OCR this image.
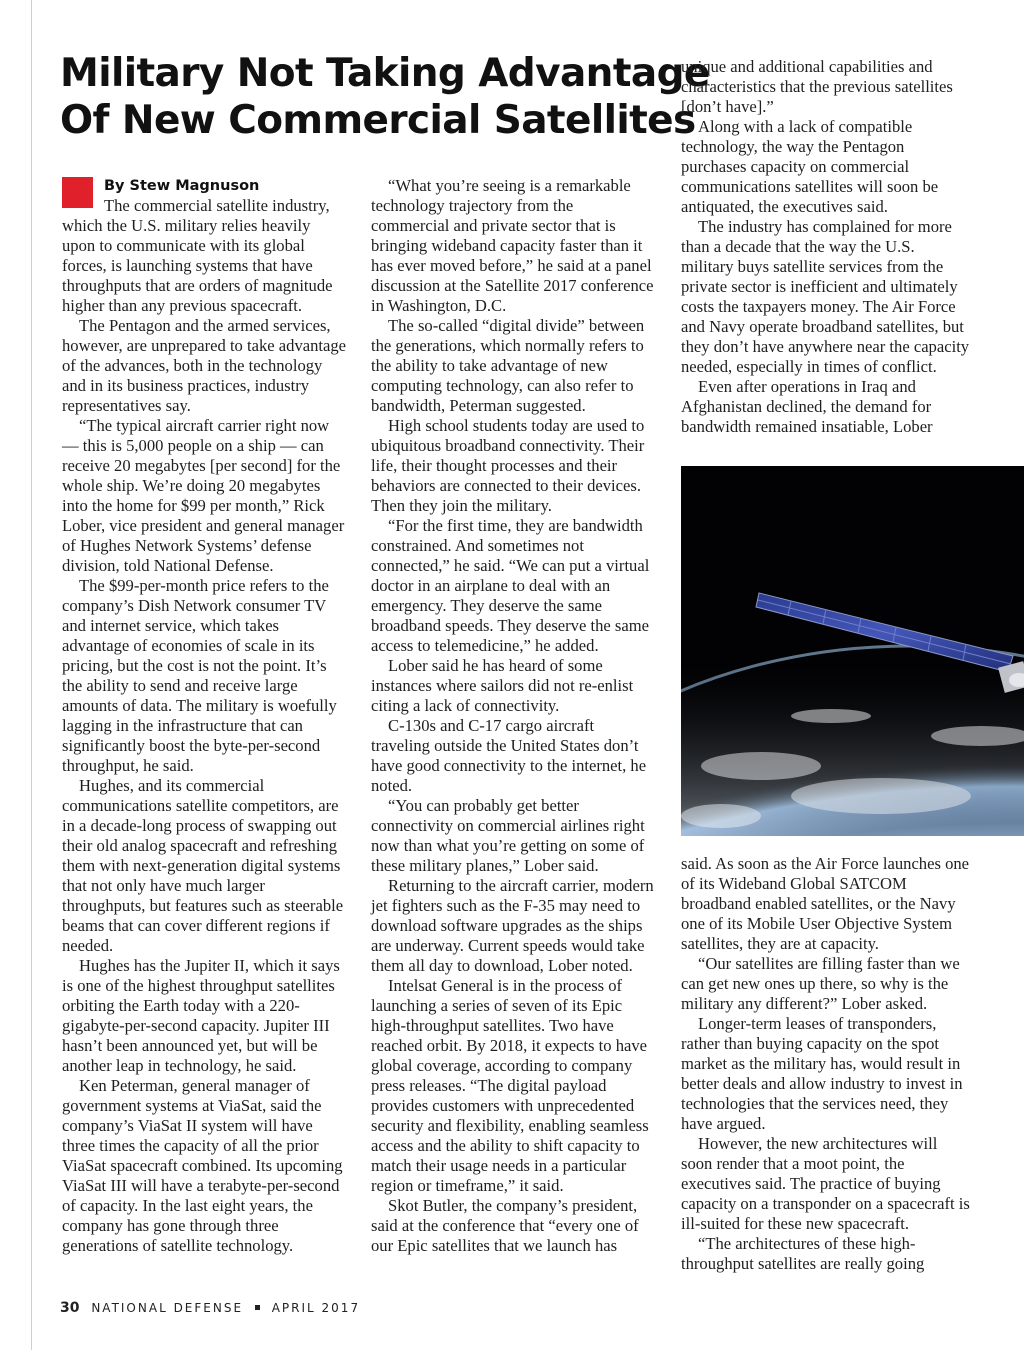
Military Not Taking Advantage
Of New Commercial Satellites
By Stew Magnuson

The commercial satellite industry, which the U.S. military relies heavily upon to communicate with its global forces, is launching systems that have throughputs that are orders of magnitude higher than any previous spacecraft.

The Pentagon and the armed services, however, are unprepared to take advantage of the advances, both in the technology and in its business practices, industry representatives say.

“The typical aircraft carrier right now — this is 5,000 people on a ship — can receive 20 megabytes [per second] for the whole ship. We’re doing 20 megabytes into the home for $99 per month,” Rick Lober, vice president and general manager of Hughes Network Systems’ defense division, told National Defense.

The $99-per-month price refers to the company’s Dish Network consumer TV and internet service, which takes advantage of economies of scale in its pricing, but the cost is not the point. It’s the ability to send and receive large amounts of data. The military is woefully lagging in the infrastructure that can significantly boost the byte-per-second throughput, he said.

Hughes, and its commercial communications satellite competitors, are in a decade-long process of swapping out their old analog spacecraft and refreshing them with next-generation digital systems that not only have much larger throughputs, but features such as steerable beams that can cover different regions if needed.

Hughes has the Jupiter II, which it says is one of the highest throughput satellites orbiting the Earth today with a 220-gigabyte-per-second capacity. Jupiter III hasn’t been announced yet, but will be another leap in technology, he said.

Ken Peterman, general manager of government systems at ViaSat, said the company’s ViaSat II system will have three times the capacity of all the prior ViaSat spacecraft combined. Its upcoming ViaSat III will have a terabyte-per-second of capacity. In the last eight years, the company has gone through three generations of satellite technology.

“What you’re seeing is a remarkable technology trajectory from the commercial and private sector that is bringing wideband capacity faster than it has ever moved before,” he said at a panel discussion at the Satellite 2017 conference in Washington, D.C.

The so-called “digital divide” between the generations, which normally refers to the ability to take advantage of new computing technology, can also refer to bandwidth, Peterman suggested.

High school students today are used to ubiquitous broadband connectivity. Their life, their thought processes and their behaviors are connected to their devices. Then they join the military.

“For the first time, they are bandwidth constrained. And sometimes not connected,” he said. “We can put a virtual doctor in an airplane to deal with an emergency. They deserve the same broadband speeds. They deserve the same access to telemedicine,” he added.

Lober said he has heard of some instances where sailors did not re-enlist citing a lack of connectivity.

C-130s and C-17 cargo aircraft traveling outside the United States don’t have good connectivity to the internet, he noted.

“You can probably get better connectivity on commercial airlines right now than what you’re getting on some of these military planes,” Lober said.

Returning to the aircraft carrier, modern jet fighters such as the F-35 may need to download software upgrades as the ships are underway. Current speeds would take them all day to download, Lober noted.

Intelsat General is in the process of launching a series of seven of its Epic high-throughput satellites. Two have reached orbit. By 2018, it expects to have global coverage, according to company press releases. “The digital payload provides customers with unprecedented security and flexibility, enabling seamless access and the ability to shift capacity to match their usage needs in a particular region or timeframe,” it said.

Skot Butler, the company’s president, said at the conference that “every one of our Epic satellites that we launch has

unique and additional capabilities and characteristics that the previous satellites [don’t have].”

Along with a lack of compatible technology, the way the Pentagon purchases capacity on commercial communications satellites will soon be antiquated, the executives said.

The industry has complained for more than a decade that the way the U.S. military buys satellite services from the private sector is inefficient and ultimately costs the taxpayers money. The Air Force and Navy operate broadband satellites, but they don’t have anywhere near the capacity needed, especially in times of conflict.

Even after operations in Iraq and Afghanistan declined, the demand for bandwidth remained insatiable, Lober

said. As soon as the Air Force launches one of its Wideband Global SATCOM broadband enabled satellites, or the Navy one of its Mobile User Objective System satellites, they are at capacity.

“Our satellites are filling faster than we can get new ones up there, so why is the military any different?” Lober asked.

Longer-term leases of transponders, rather than buying capacity on the spot market as the military has, would result in better deals and allow industry to invest in technologies that the services need, they have argued.

However, the new architectures will soon render that a moot point, the executives said. The practice of buying capacity on a transponder on a spacecraft is ill-suited for these new spacecraft.

“The architectures of these high-throughput satellites are really going

30 NATIONAL DEFENSE APRIL 2017
